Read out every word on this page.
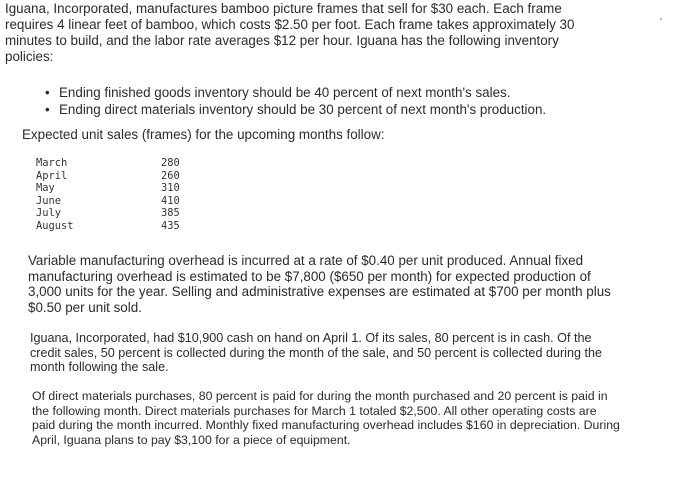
Iguana, Incorporated, manufactures bamboo picture frames that sell for $30 each. Each frame requires 4 linear feet of bamboo, which costs $2.50 per foot. Each frame takes approximately 30 minutes to build, and the labor rate averages $12 per hour. Iguana has the following inventory policies:

• Ending finished goods inventory should be 40 percent of next month's sales.
• Ending direct materials inventory should be 30 percent of next month's production.

Expected unit sales (frames) for the upcoming months follow:

March	280
April	260
May	310
June	410
July	385
August	435

Variable manufacturing overhead is incurred at a rate of $0.40 per unit produced. Annual fixed manufacturing overhead is estimated to be $7,800 ($650 per month) for expected production of 3,000 units for the year. Selling and administrative expenses are estimated at $700 per month plus $0.50 per unit sold.

Iguana, Incorporated, had $10,900 cash on hand on April 1. Of its sales, 80 percent is in cash. Of the credit sales, 50 percent is collected during the month of the sale, and 50 percent is collected during the month following the sale.

Of direct materials purchases, 80 percent is paid for during the month purchased and 20 percent is paid in the following month. Direct materials purchases for March 1 totaled $2,500. All other operating costs are paid during the month incurred. Monthly fixed manufacturing overhead includes $160 in depreciation. During April, Iguana plans to pay $3,100 for a piece of equipment.
